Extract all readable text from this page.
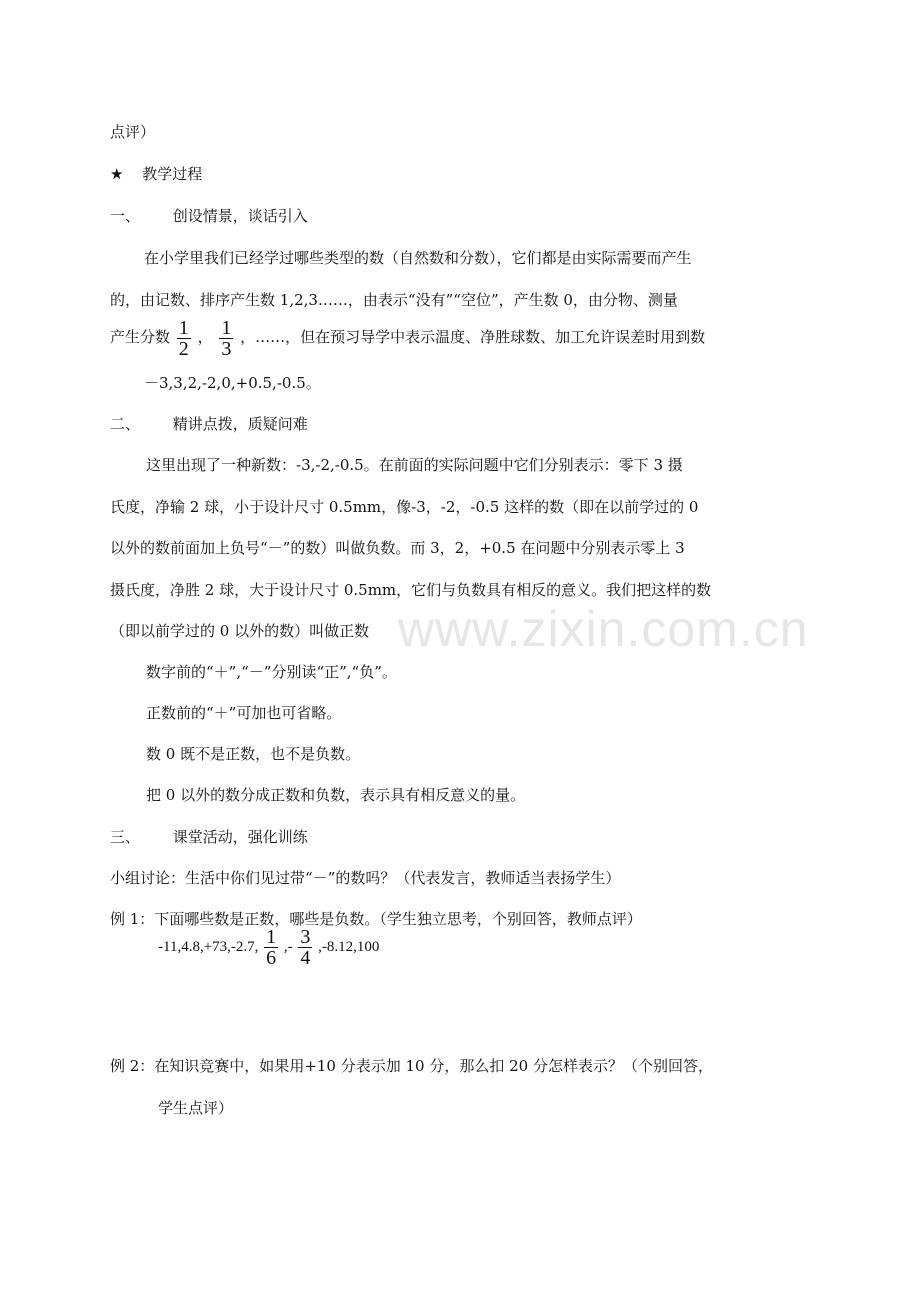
www.zixin.com.cn
点评）
★ 教学过程
一、 创设情景，谈话引入
在小学里我们已经学过哪些类型的数（自然数和分数），它们都是由实际需要而产生
的，由记数、排序产生数 1,2,3……，由表示“没有”“空位”，产生数 0，由分物、测量
产生分数 $\frac{1}{2}$ ， $\frac{1}{3}$ ，……，但在预习导学中表示温度、净胜球数、加工允许误差时用到数
－3,3,2,-2,0,+0.5,-0.5。
二、 精讲点拨，质疑问难
这里出现了一种新数：-3,-2,-0.5。在前面的实际问题中它们分别表示：零下 3 摄
氏度，净输 2 球，小于设计尺寸 0.5mm，像-3，-2，-0.5 这样的数（即在以前学过的 0
以外的数前面加上负号“－”的数）叫做负数。而 3，2，+0.5 在问题中分别表示零上 3
摄氏度，净胜 2 球，大于设计尺寸 0.5mm，它们与负数具有相反的意义。我们把这样的数
（即以前学过的 0 以外的数）叫做正数
数字前的“＋”,“－”分别读“正”,“负”。
正数前的“＋”可加也可省略。
数 0 既不是正数，也不是负数。
把 0 以外的数分成正数和负数，表示具有相反意义的量。
三、 课堂活动，强化训练
小组讨论：生活中你们见过带“－”的数吗？（代表发言，教师适当表扬学生）
例 1：下面哪些数是正数，哪些是负数。（学生独立思考，个别回答，教师点评）
-11,4.8,+73,-2.7, $\frac{1}{6}$ ,- $\frac{3}{4} ,-8.12,100$
例 2：在知识竞赛中，如果用+10 分表示加 10 分，那么扣 20 分怎样表示？（个别回答，
学生点评）
